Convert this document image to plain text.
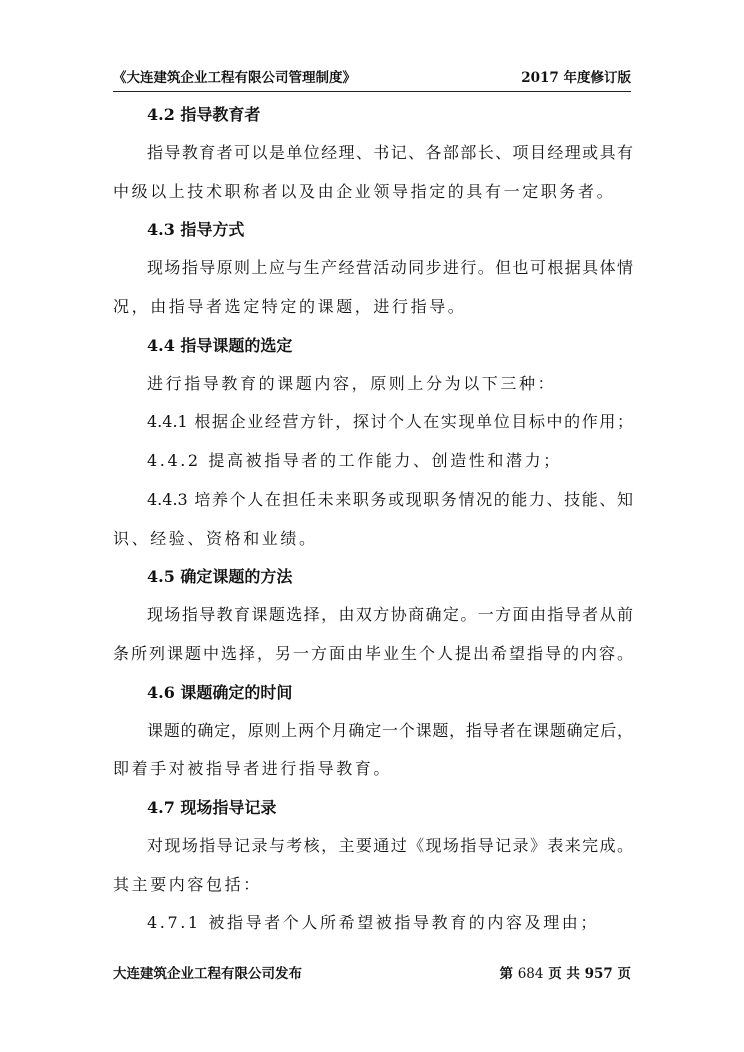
《大连建筑企业工程有限公司管理制度》	2017 年度修订版
4.2 指导教育者
指导教育者可以是单位经理、书记、各部部长、项目经理或具有
中级以上技术职称者以及由企业领导指定的具有一定职务者。
4.3 指导方式
现场指导原则上应与生产经营活动同步进行。但也可根据具体情
况，由指导者选定特定的课题，进行指导。
4.4 指导课题的选定
进行指导教育的课题内容，原则上分为以下三种：
4.4.1 根据企业经营方针，探讨个人在实现单位目标中的作用；
4.4.2 提高被指导者的工作能力、创造性和潜力；
4.4.3 培养个人在担任未来职务或现职务情况的能力、技能、知
识、经验、资格和业绩。
4.5 确定课题的方法
现场指导教育课题选择，由双方协商确定。一方面由指导者从前
条所列课题中选择，另一方面由毕业生个人提出希望指导的内容。
4.6 课题确定的时间
课题的确定，原则上两个月确定一个课题，指导者在课题确定后，
即着手对被指导者进行指导教育。
4.7 现场指导记录
对现场指导记录与考核，主要通过《现场指导记录》表来完成。
其主要内容包括：
4.7.1 被指导者个人所希望被指导教育的内容及理由；
大连建筑企业工程有限公司发布	第 684 页 共 957 页
